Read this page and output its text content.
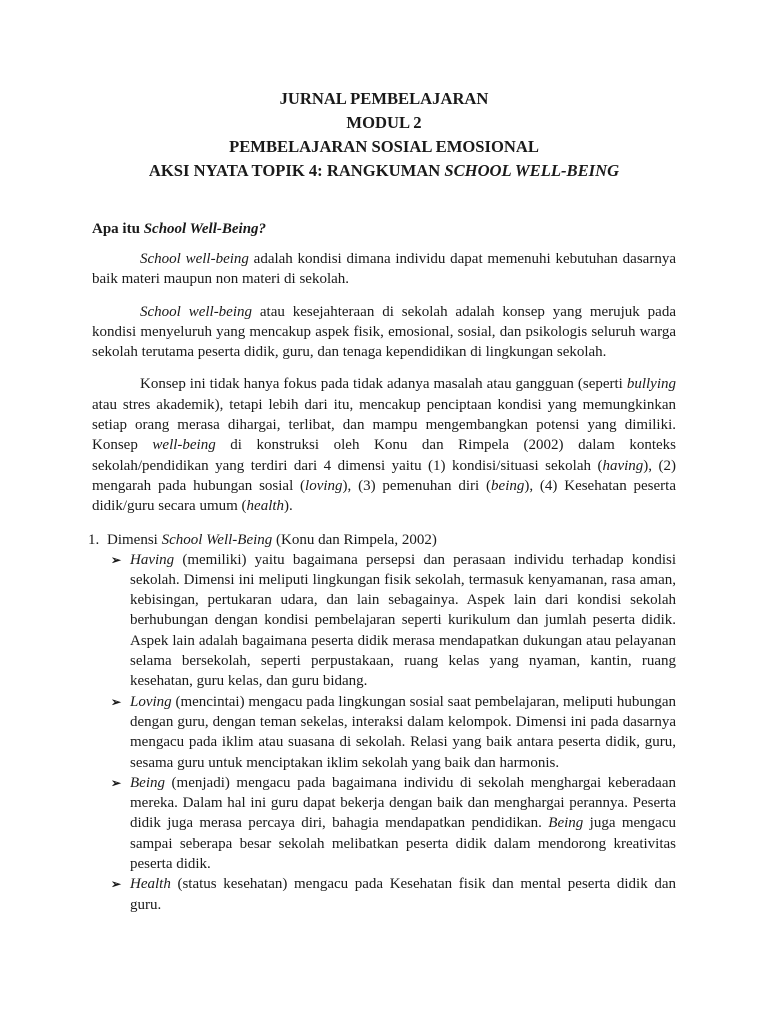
JURNAL PEMBELAJARAN
MODUL 2
PEMBELAJARAN SOSIAL EMOSIONAL
AKSI NYATA TOPIK 4: RANGKUMAN SCHOOL WELL-BEING
Apa itu School Well-Being?

School well-being adalah kondisi dimana individu dapat memenuhi kebutuhan dasarnya baik materi maupun non materi di sekolah.

School well-being atau kesejahteraan di sekolah adalah konsep yang merujuk pada kondisi menyeluruh yang mencakup aspek fisik, emosional, sosial, dan psikologis seluruh warga sekolah terutama peserta didik, guru, dan tenaga kependidikan di lingkungan sekolah.

Konsep ini tidak hanya fokus pada tidak adanya masalah atau gangguan (seperti bullying atau stres akademik), tetapi lebih dari itu, mencakup penciptaan kondisi yang memungkinkan setiap orang merasa dihargai, terlibat, dan mampu mengembangkan potensi yang dimiliki. Konsep well-being di konstruksi oleh Konu dan Rimpela (2002) dalam konteks sekolah/pendidikan yang terdiri dari 4 dimensi yaitu (1) kondisi/situasi sekolah (having), (2) mengarah pada hubungan sosial (loving), (3) pemenuhan diri (being), (4) Kesehatan peserta didik/guru secara umum (health).

1. Dimensi School Well-Being (Konu dan Rimpela, 2002)
➢ Having (memiliki) yaitu bagaimana persepsi dan perasaan individu terhadap kondisi sekolah. Dimensi ini meliputi lingkungan fisik sekolah, termasuk kenyamanan, rasa aman, kebisingan, pertukaran udara, dan lain sebagainya. Aspek lain dari kondisi sekolah berhubungan dengan kondisi pembelajaran seperti kurikulum dan jumlah peserta didik. Aspek lain adalah bagaimana peserta didik merasa mendapatkan dukungan atau pelayanan selama bersekolah, seperti perpustakaan, ruang kelas yang nyaman, kantin, ruang kesehatan, guru kelas, dan guru bidang.
➢ Loving (mencintai) mengacu pada lingkungan sosial saat pembelajaran, meliputi hubungan dengan guru, dengan teman sekelas, interaksi dalam kelompok. Dimensi ini pada dasarnya mengacu pada iklim atau suasana di sekolah. Relasi yang baik antara peserta didik, guru, sesama guru untuk menciptakan iklim sekolah yang baik dan harmonis.
➢ Being (menjadi) mengacu pada bagaimana individu di sekolah menghargai keberadaan mereka. Dalam hal ini guru dapat bekerja dengan baik dan menghargai perannya. Peserta didik juga merasa percaya diri, bahagia mendapatkan pendidikan. Being juga mengacu sampai seberapa besar sekolah melibatkan peserta didik dalam mendorong kreativitas peserta didik.
➢ Health (status kesehatan) mengacu pada Kesehatan fisik dan mental peserta didik dan guru.
